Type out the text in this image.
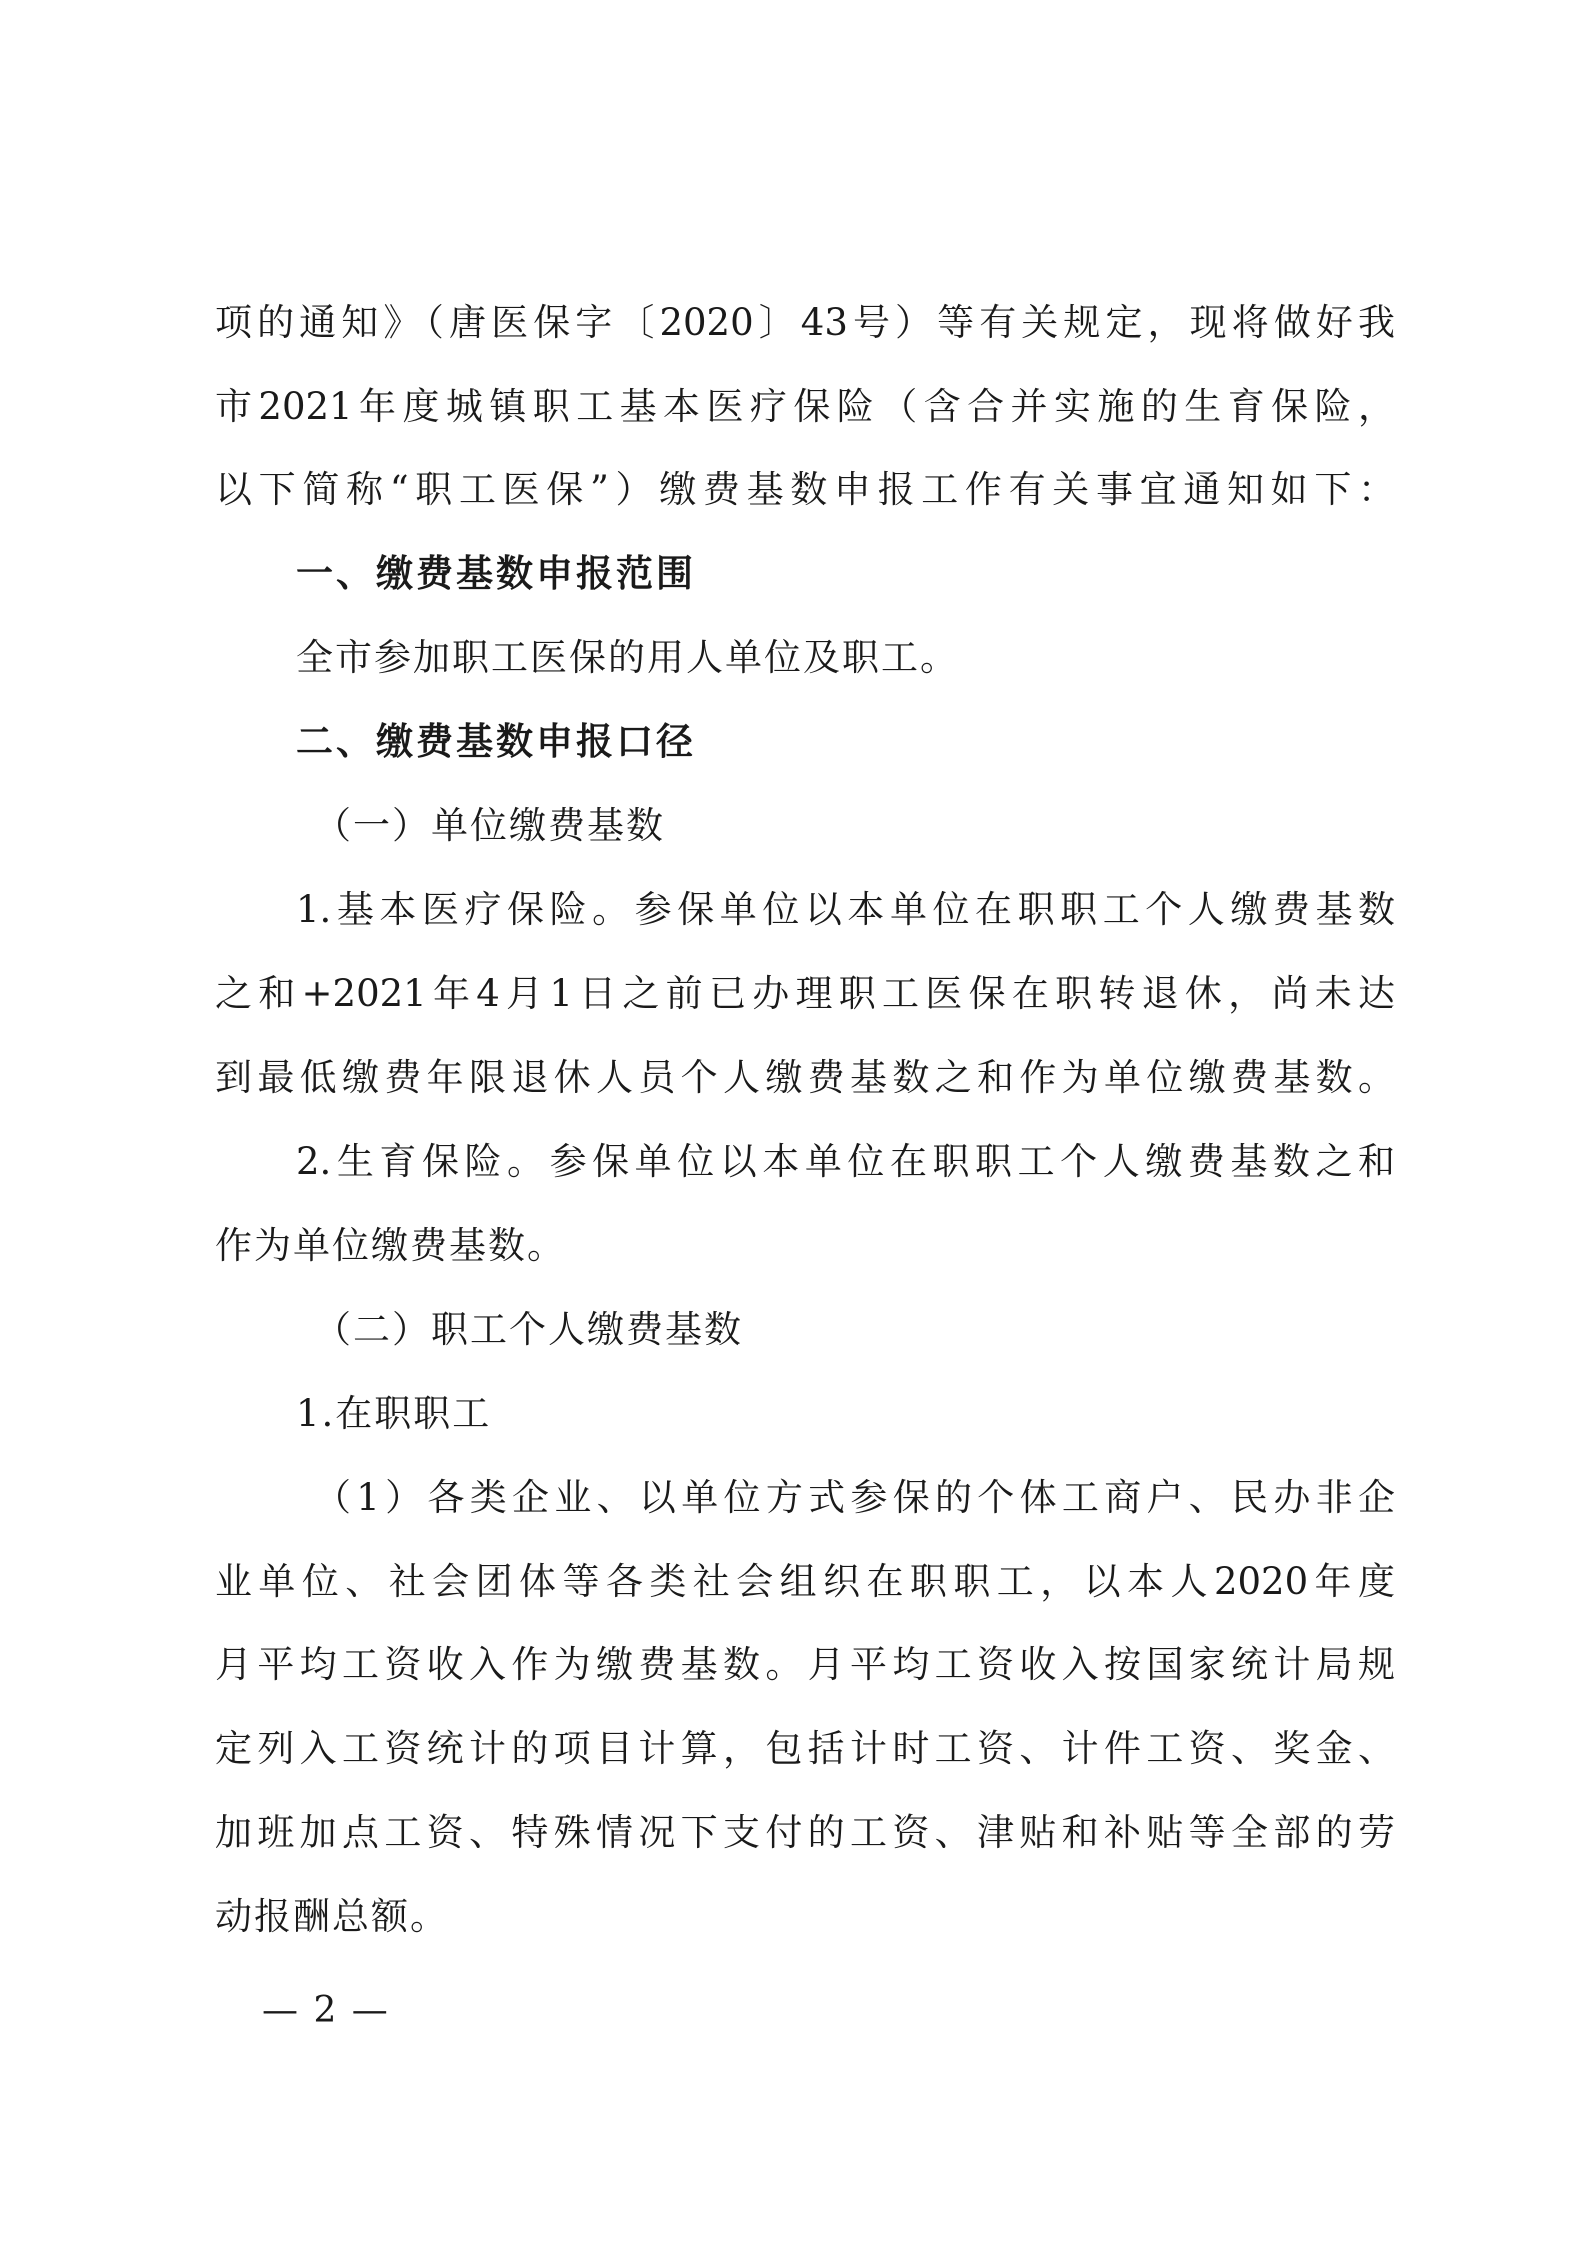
项的通知》（唐医保字〔2020〕43号）等有关规定，现将做好我
市2021年度城镇职工基本医疗保险（含合并实施的生育保险，
以下简称“职工医保”）缴费基数申报工作有关事宜通知如下：
一、缴费基数申报范围
全市参加职工医保的用人单位及职工。
二、缴费基数申报口径
（一）单位缴费基数
1.基本医疗保险。参保单位以本单位在职职工个人缴费基数
之和+2021年4月1日之前已办理职工医保在职转退休，尚未达
到最低缴费年限退休人员个人缴费基数之和作为单位缴费基数。
2.生育保险。参保单位以本单位在职职工个人缴费基数之和
作为单位缴费基数。
（二）职工个人缴费基数
1.在职职工
（1）各类企业、以单位方式参保的个体工商户、民办非企
业单位、社会团体等各类社会组织在职职工，以本人2020年度
月平均工资收入作为缴费基数。月平均工资收入按国家统计局规
定列入工资统计的项目计算，包括计时工资、计件工资、奖金、
加班加点工资、特殊情况下支付的工资、津贴和补贴等全部的劳
动报酬总额。
— 2 —
